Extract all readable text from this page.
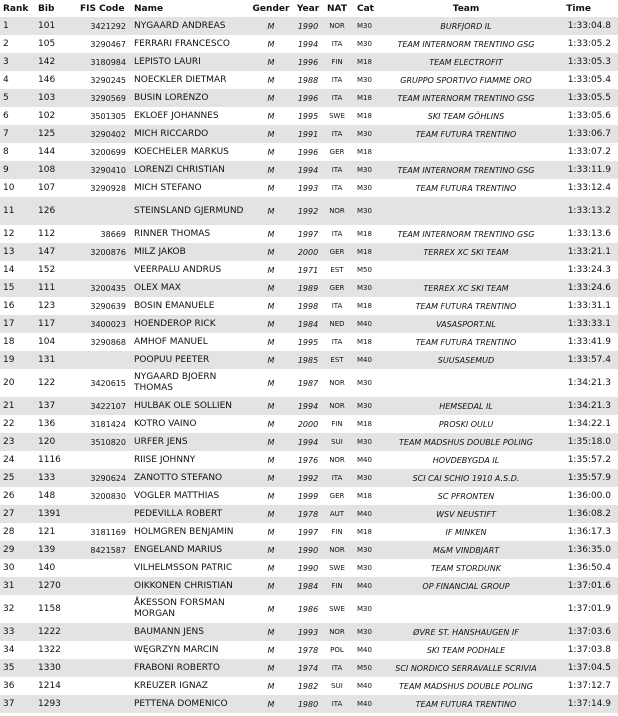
Rank	Bib	FIS Code	Name	Gender	Year	NAT	Cat	Team	Time
1	101	3421292	NYGAARD ANDREAS	M	1990	NOR	M30	BURFJORD IL	1:33:04.8
2	105	3290467	FERRARI FRANCESCO	M	1994	ITA	M30	TEAM INTERNORM TRENTINO GSG	1:33:05.2
3	142	3180984	LEPISTO LAURI	M	1996	FIN	M18	TEAM ELECTROFIT	1:33:05.3
4	146	3290245	NOECKLER DIETMAR	M	1988	ITA	M30	GRUPPO SPORTIVO FIAMME ORO	1:33:05.4
5	103	3290569	BUSIN LORENZO	M	1996	ITA	M18	TEAM INTERNORM TRENTINO GSG	1:33:05.5
6	102	3501305	EKLOEF JOHANNES	M	1995	SWE	M18	SKI TEAM GÖHLINS	1:33:05.6
7	125	3290402	MICH RICCARDO	M	1991	ITA	M30	TEAM FUTURA TRENTINO	1:33:06.7
8	144	3200699	KOECHELER MARKUS	M	1996	GER	M18		1:33:07.2
9	108	3290410	LORENZI CHRISTIAN	M	1994	ITA	M30	TEAM INTERNORM TRENTINO GSG	1:33:11.9
10	107	3290928	MICH STEFANO	M	1993	ITA	M30	TEAM FUTURA TRENTINO	1:33:12.4
11	126		STEINSLAND GJERMUND	M	1992	NOR	M30		1:33:13.2
12	112	38669	RINNER THOMAS	M	1997	ITA	M18	TEAM INTERNORM TRENTINO GSG	1:33:13.6
13	147	3200876	MILZ JAKOB	M	2000	GER	M18	TERREX XC SKI TEAM	1:33:21.1
14	152		VEERPALU ANDRUS	M	1971	EST	M50		1:33:24.3
15	111	3200435	OLEX MAX	M	1989	GER	M30	TERREX XC SKI TEAM	1:33:24.6
16	123	3290639	BOSIN EMANUELE	M	1998	ITA	M18	TEAM FUTURA TRENTINO	1:33:31.1
17	117	3400023	HOENDEROP RICK	M	1984	NED	M40	VASASPORT.NL	1:33:33.1
18	104	3290868	AMHOF MANUEL	M	1995	ITA	M18	TEAM FUTURA TRENTINO	1:33:41.9
19	131		POOPUU PEETER	M	1985	EST	M40	SUUSASEMUD	1:33:57.4
20	122	3420615	NYGAARD BJOERN THOMAS	M	1987	NOR	M30		1:34:21.3
21	137	3422107	HULBAK OLE SOLLIEN	M	1994	NOR	M30	HEMSEDAL IL	1:34:21.3
22	136	3181424	KOTRO VAINO	M	2000	FIN	M18	PROSKI OULU	1:34:22.1
23	120	3510820	URFER JENS	M	1994	SUI	M30	TEAM MADSHUS DOUBLE POLING	1:35:18.0
24	1116		RIISE JOHNNY	M	1976	NOR	M40	HOVDEBYGDA IL	1:35:57.2
25	133	3290624	ZANOTTO STEFANO	M	1992	ITA	M30	SCI CAI SCHIO 1910 A.S.D.	1:35:57.9
26	148	3200830	VOGLER MATTHIAS	M	1999	GER	M18	SC PFRONTEN	1:36:00.0
27	1391		PEDEVILLA ROBERT	M	1978	AUT	M40	WSV NEUSTIFT	1:36:08.2
28	121	3181169	HOLMGREN BENJAMIN	M	1997	FIN	M18	IF MINKEN	1:36:17.3
29	139	8421587	ENGELAND MARIUS	M	1990	NOR	M30	M&M VINDBJART	1:36:35.0
30	140		VILHELMSSON PATRIC	M	1990	SWE	M30	TEAM STORDUNK	1:36:50.4
31	1270		OIKKONEN CHRISTIAN	M	1984	FIN	M40	OP FINANCIAL GROUP	1:37:01.6
32	1158		ÅKESSON FORSMAN MORGAN	M	1986	SWE	M30		1:37:01.9
33	1222		BAUMANN JENS	M	1993	NOR	M30	ØVRE ST. HANSHAUGEN IF	1:37:03.6
34	1322		WĘGRZYN MARCIN	M	1978	POL	M40	SKI TEAM PODHALE	1:37:03.8
35	1330		FRABONI ROBERTO	M	1974	ITA	M50	SCI NORDICO SERRAVALLE SCRIVIA	1:37:04.5
36	1214		KREUZER IGNAZ	M	1982	SUI	M40	TEAM MADSHUS DOUBLE POLING	1:37:12.7
37	1293		PETTENA DOMENICO	M	1980	ITA	M40	TEAM FUTURA TRENTINO	1:37:14.9
